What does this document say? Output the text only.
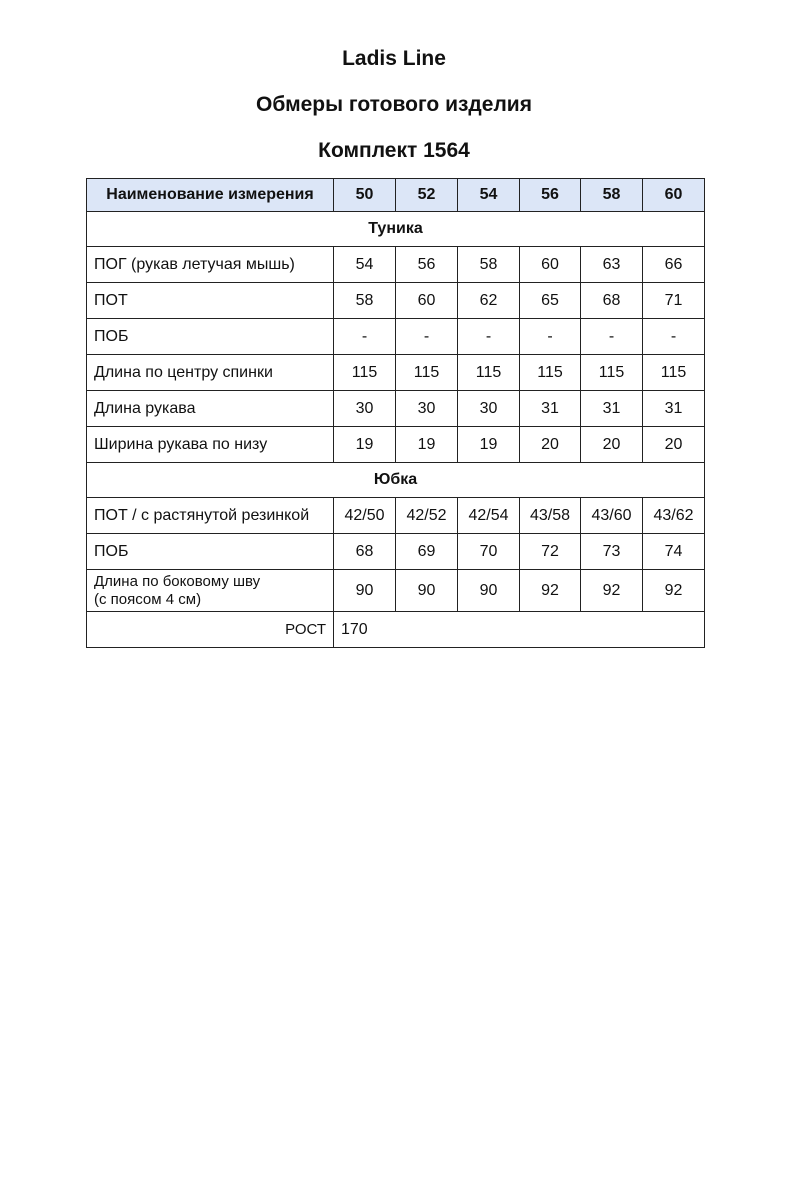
Ladis Line
Обмеры готового изделия
Комплект 1564
Наименование измерения	50	52	54	56	58	60
Туника						
ПОГ (рукав летучая мышь)	54	56	58	60	63	66
ПОТ	58	60	62	65	68	71
ПОБ	-	-	-	-	-	-
Длина по центру спинки	115	115	115	115	115	115
Длина рукава	30	30	30	31	31	31
Ширина рукава по низу	19	19	19	20	20	20
Юбка						
ПОТ / с растянутой резинкой	42/50	42/52	42/54	43/58	43/60	43/62
ПОБ	68	69	70	72	73	74

Длина по боковому шву
(с поясом 4 см)	90	90	90	92	92	92
РОСТ	170					
